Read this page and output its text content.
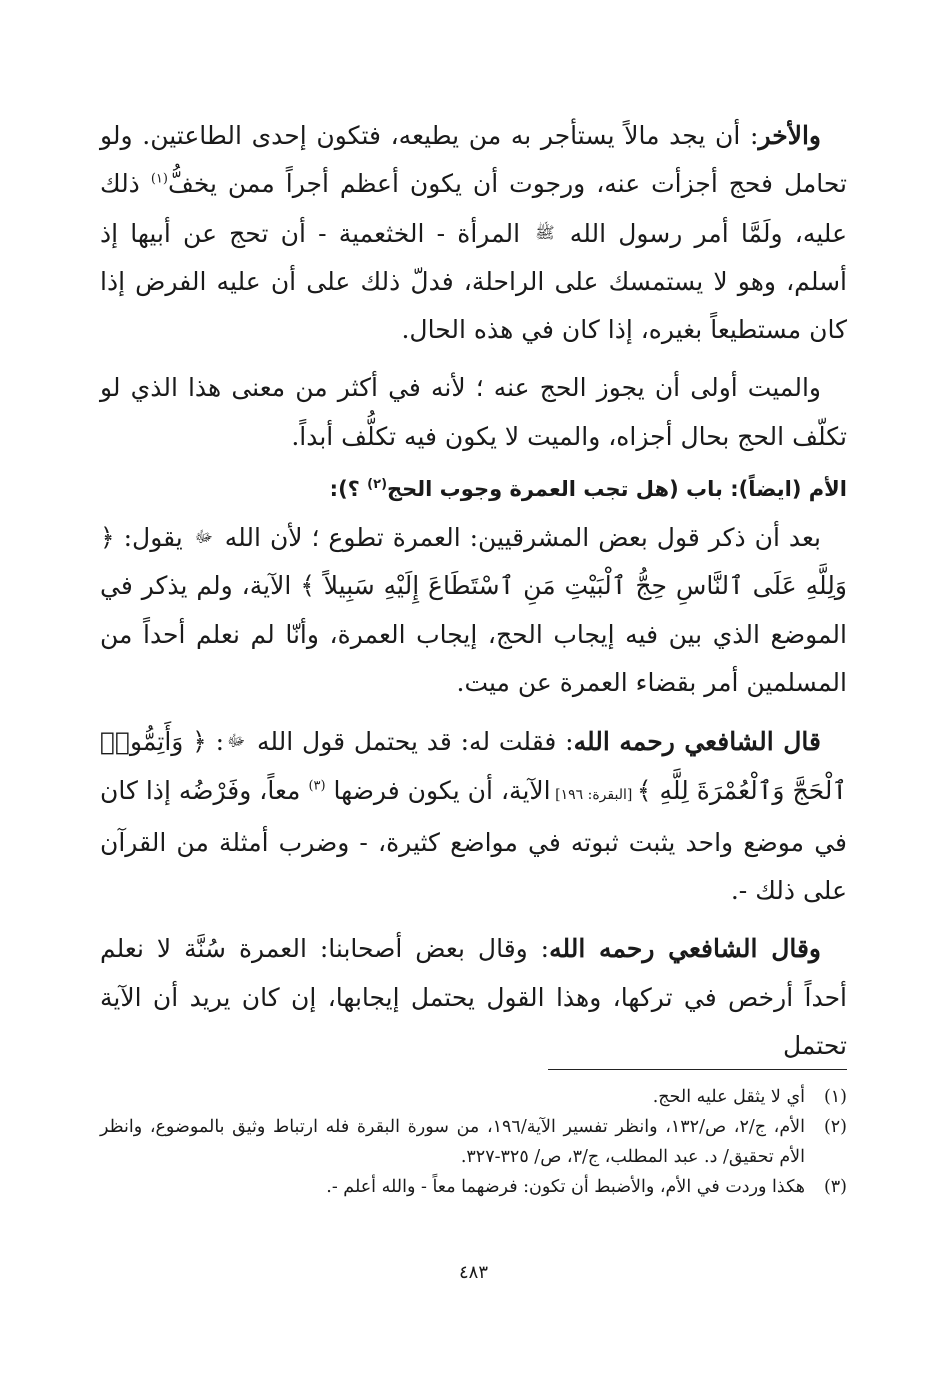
والأخر: أن يجد مالاً يستأجر به من يطيعه، فتكون إحدى الطاعتين. ولو تحامل فحج أجزأت عنه، ورجوت أن يكون أعظم أجراً ممن يخفُّ$^{(١)}$ ذلك عليه، ولَمَّا أمر رسول الله ﷺ المرأة - الخثعمية - أن تحج عن أبيها إذ أسلم، وهو لا يستمسك على الراحلة، فدلّ ذلك على أن عليه الفرض إذا كان مستطيعاً بغيره، إذا كان في هذه الحال.

والميت أولى أن يجوز الحج عنه ؛ لأنه في أكثر من معنى هذا الذي لو تكلّف الحج بحال أجزاه، والميت لا يكون فيه تكلُّف أبداً.

الأم (ايضاً): باب (هل تجب العمرة وجوب الحج$^{(٢)}$ ؟):

بعد أن ذكر قول بعض المشرقيين: العمرة تطوع ؛ لأن الله ﷻ يقول: ﴿ وَلِلَّهِ عَلَى ٱلنَّاسِ حِجُّ ٱلْبَيْتِ مَنِ ٱسْتَطَاعَ إِلَيْهِ سَبِيلاً ﴾ الآية، ولم يذكر في الموضع الذي بين فيه إيجاب الحج، إيجاب العمرة، وأنّا لم نعلم أحداً من المسلمين أمر بقضاء العمرة عن ميت.

قال الشافعي رحمه الله: فقلت له: قد يحتمل قول الله ﷻ: ﴿ وَأَتِمُّوا۟ ٱلْحَجَّ وَٱلْعُمْرَةَ لِلَّهِ ﴾ [البقرة: ١٩٦] الآية، أن يكون فرضها $^{(٣)}$ معاً، وفَرْضُه إذا كان في موضع واحد يثبت ثبوته في مواضع كثيرة، - وضرب أمثلة من القرآن على ذلك -.

وقال الشافعي رحمه الله: وقال بعض أصحابنا: العمرة سُنَّة لا نعلم أحداً أرخص في تركها، وهذا القول يحتمل إيجابها، إن كان يريد أن الآية تحتمل

(١)
أي لا يثقل عليه الحج.
(٢)
الأم، ج/٢، ص/١٣٢، وانظر تفسير الآية/١٩٦، من سورة البقرة فله ارتباط وثيق بالموضوع، وانظر الأم تحقيق/ د. عبد المطلب، ج/٣، ص/ ٣٢٥-٣٢٧.
(٣)
هكذا وردت في الأم، والأضبط أن تكون: فرضهما معاً - والله أعلم -.
٤٨٣
